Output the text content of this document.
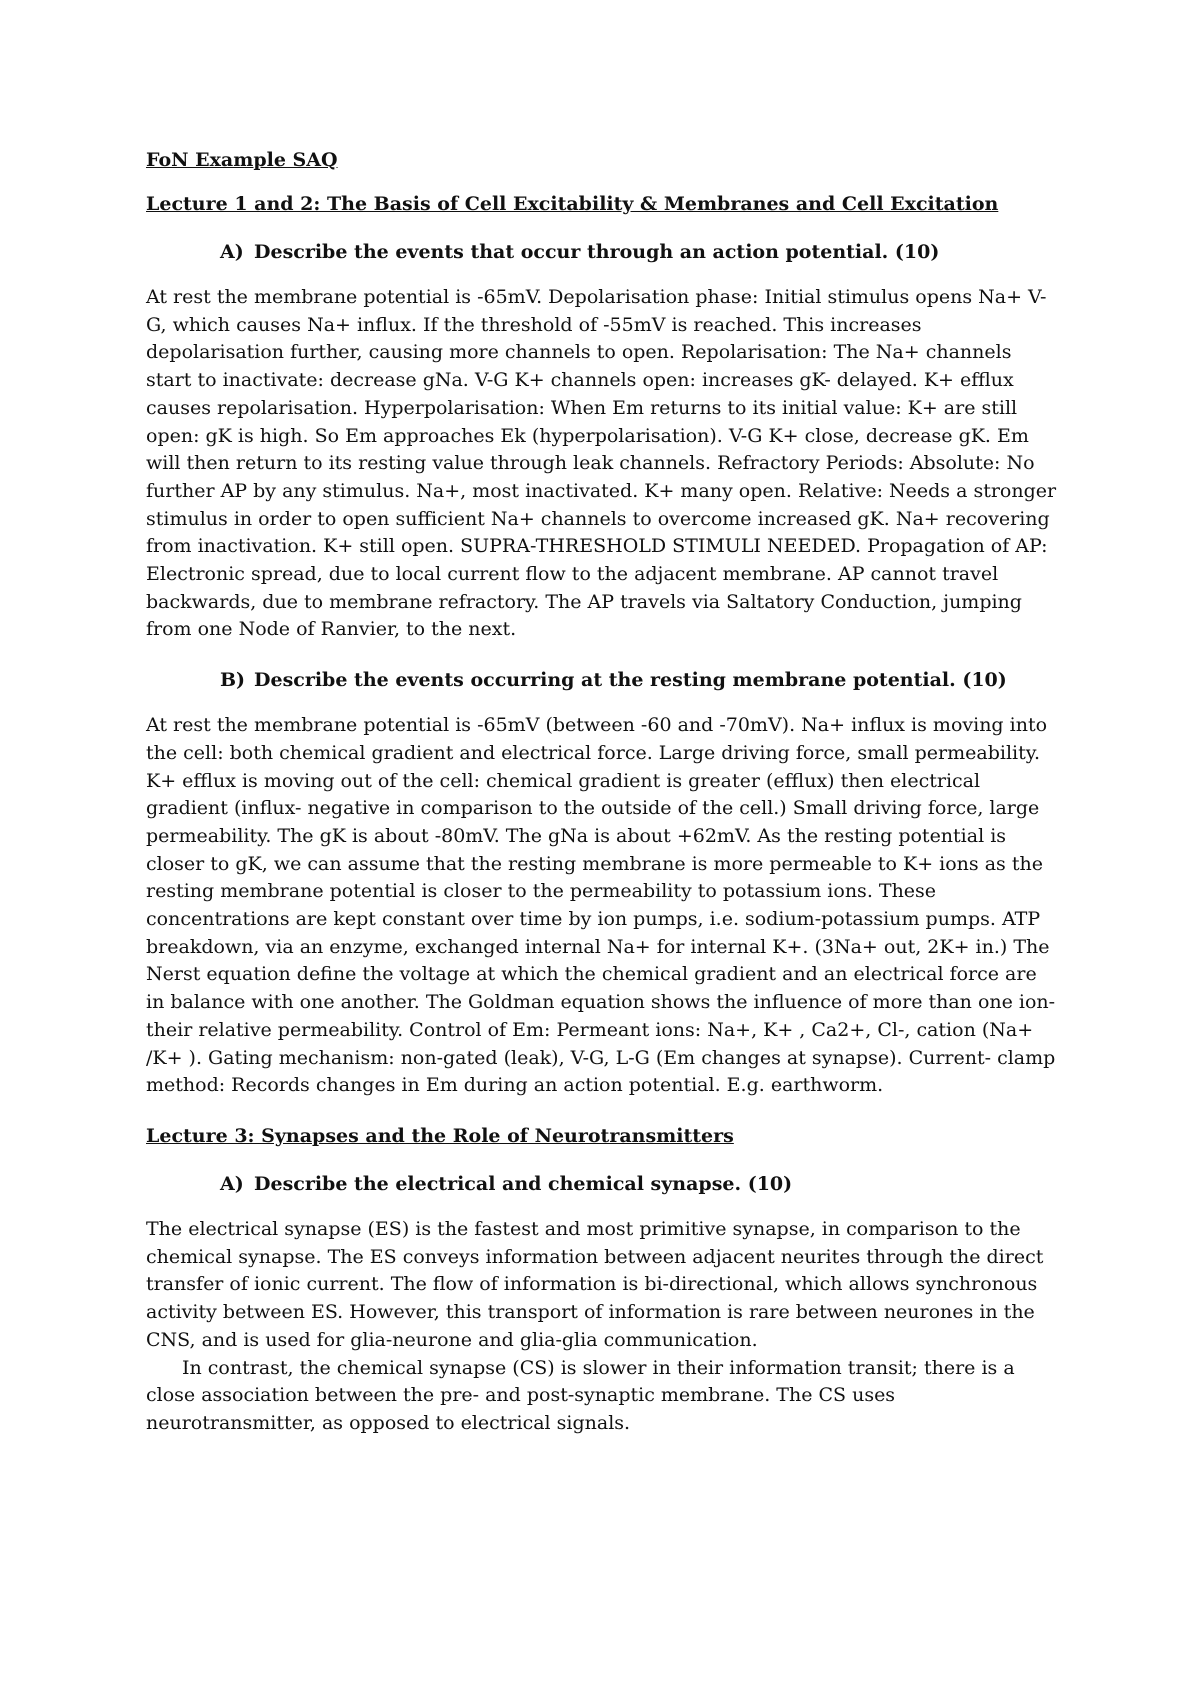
FoN Example SAQ
Lecture 1 and 2: The Basis of Cell Excitability & Membranes and Cell Excitation
A) Describe the events that occur through an action potential. (10)

At rest the membrane potential is -65mV. Depolarisation phase: Initial stimulus opens Na+ V-G, which causes Na+ influx. If the threshold of -55mV is reached. This increases depolarisation further, causing more channels to open. Repolarisation: The Na+ channels start to inactivate: decrease gNa. V-G K+ channels open: increases gK- delayed. K+ efflux causes repolarisation. Hyperpolarisation: When Em returns to its initial value: K+ are still open: gK is high. So Em approaches Ek (hyperpolarisation). V-G K+ close, decrease gK. Em will then return to its resting value through leak channels. Refractory Periods: Absolute: No further AP by any stimulus. Na+, most inactivated. K+ many open. Relative: Needs a stronger stimulus in order to open sufficient Na+ channels to overcome increased gK. Na+ recovering from inactivation. K+ still open. SUPRA-THRESHOLD STIMULI NEEDED. Propagation of AP: Electronic spread, due to local current flow to the adjacent membrane. AP cannot travel backwards, due to membrane refractory. The AP travels via Saltatory Conduction, jumping from one Node of Ranvier, to the next.

B) Describe the events occurring at the resting membrane potential. (10)

At rest the membrane potential is -65mV (between -60 and -70mV). Na+ influx is moving into the cell: both chemical gradient and electrical force. Large driving force, small permeability. K+ efflux is moving out of the cell: chemical gradient is greater (efflux) then electrical gradient (influx- negative in comparison to the outside of the cell.) Small driving force, large permeability. The gK is about -80mV. The gNa is about +62mV. As the resting potential is closer to gK, we can assume that the resting membrane is more permeable to K+ ions as the resting membrane potential is closer to the permeability to potassium ions. These concentrations are kept constant over time by ion pumps, i.e. sodium-potassium pumps. ATP breakdown, via an enzyme, exchanged internal Na+ for internal K+. (3Na+ out, 2K+ in.) The Nerst equation define the voltage at which the chemical gradient and an electrical force are in balance with one another. The Goldman equation shows the influence of more than one ion- their relative permeability. Control of Em: Permeant ions: Na+, K+ , Ca2+, Cl-, cation (Na+ /K+ ). Gating mechanism: non-gated (leak), V-G, L-G (Em changes at synapse). Current- clamp method: Records changes in Em during an action potential. E.g. earthworm.

Lecture 3: Synapses and the Role of Neurotransmitters
A) Describe the electrical and chemical synapse. (10)

The electrical synapse (ES) is the fastest and most primitive synapse, in comparison to the chemical synapse. The ES conveys information between adjacent neurites through the direct transfer of ionic current. The flow of information is bi-directional, which allows synchronous activity between ES. However, this transport of information is rare between neurones in the CNS, and is used for glia-neurone and glia-glia communication.

In contrast, the chemical synapse (CS) is slower in their information transit; there is a close association between the pre- and post-synaptic membrane. The CS uses neurotransmitter, as opposed to electrical signals.
